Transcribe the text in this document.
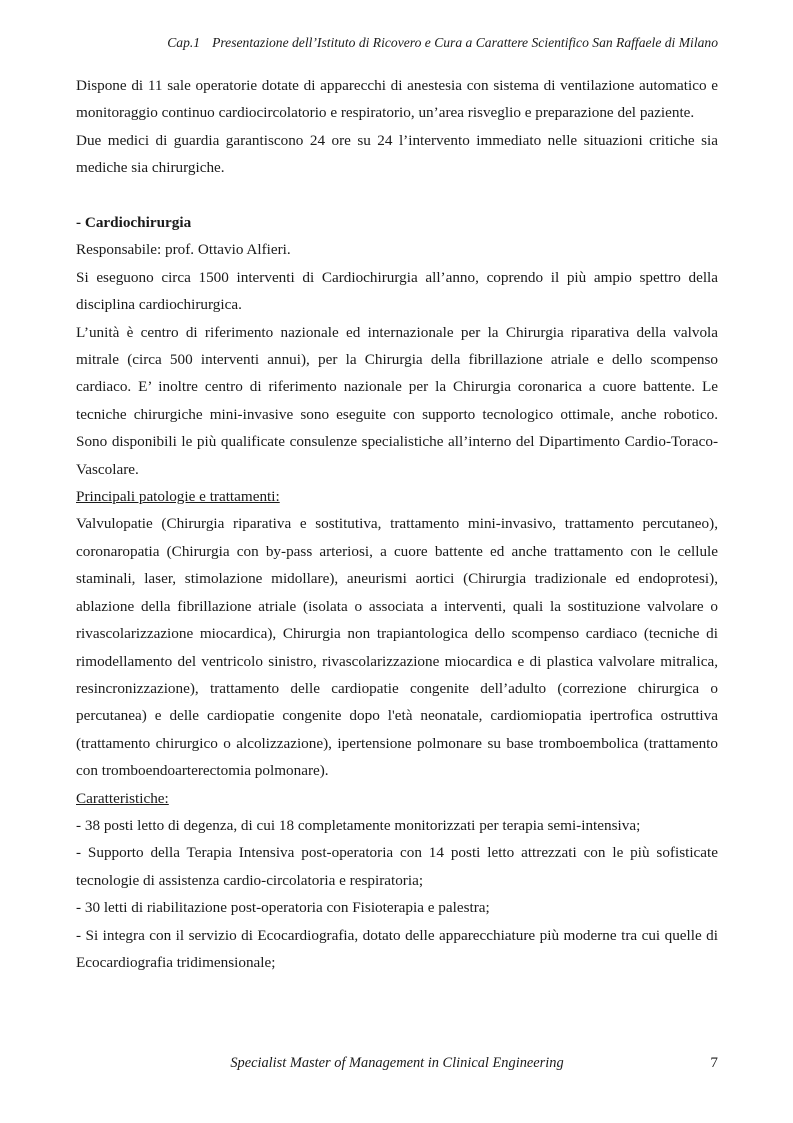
Cap.1 Presentazione dell’Istituto di Ricovero e Cura a Carattere Scientifico San Raffaele di Milano

Dispone di 11 sale operatorie dotate di apparecchi di anestesia con sistema di ventilazione automatico e monitoraggio continuo cardiocircolatorio e respiratorio, un’area risveglio e preparazione del paziente.

Due medici di guardia garantiscono 24 ore su 24 l’intervento immediato nelle situazioni critiche sia mediche sia chirurgiche.

- Cardiochirurgia

Responsabile: prof. Ottavio Alfieri.

Si eseguono circa 1500 interventi di Cardiochirurgia all’anno, coprendo il più ampio spettro della disciplina cardiochirurgica.

L’unità è centro di riferimento nazionale ed internazionale per la Chirurgia riparativa della valvola mitrale (circa 500 interventi annui), per la Chirurgia della fibrillazione atriale e dello scompenso cardiaco. E’ inoltre centro di riferimento nazionale per la Chirurgia coronarica a cuore battente. Le tecniche chirurgiche mini-invasive sono eseguite con supporto tecnologico ottimale, anche robotico. Sono disponibili le più qualificate consulenze specialistiche all’interno del Dipartimento Cardio-Toraco-Vascolare.

Principali patologie e trattamenti:

Valvulopatie (Chirurgia riparativa e sostitutiva, trattamento mini-invasivo, trattamento percutaneo), coronaropatia (Chirurgia con by-pass arteriosi, a cuore battente ed anche trattamento con le cellule staminali, laser, stimolazione midollare), aneurismi aortici (Chirurgia tradizionale ed endoprotesi), ablazione della fibrillazione atriale (isolata o associata a interventi, quali la sostituzione valvolare o rivascolarizzazione miocardica), Chirurgia non trapiantologica dello scompenso cardiaco (tecniche di rimodellamento del ventricolo sinistro, rivascolarizzazione miocardica e di plastica valvolare mitralica, resincronizzazione), trattamento delle cardiopatie congenite dell’adulto (correzione chirurgica o percutanea) e delle cardiopatie congenite dopo l'età neonatale, cardiomiopatia ipertrofica ostruttiva (trattamento chirurgico o alcolizzazione), ipertensione polmonare su base tromboembolica (trattamento con tromboendoarterectomia polmonare).

Caratteristiche:

- 38 posti letto di degenza, di cui 18 completamente monitorizzati per terapia semi-intensiva;

- Supporto della Terapia Intensiva post-operatoria con 14 posti letto attrezzati con le più sofisticate tecnologie di assistenza cardio-circolatoria e respiratoria;

- 30 letti di riabilitazione post-operatoria con Fisioterapia e palestra;

- Si integra con il servizio di Ecocardiografia, dotato delle apparecchiature più moderne tra cui quelle di Ecocardiografia tridimensionale;

Specialist Master of Management in Clinical Engineering	7
